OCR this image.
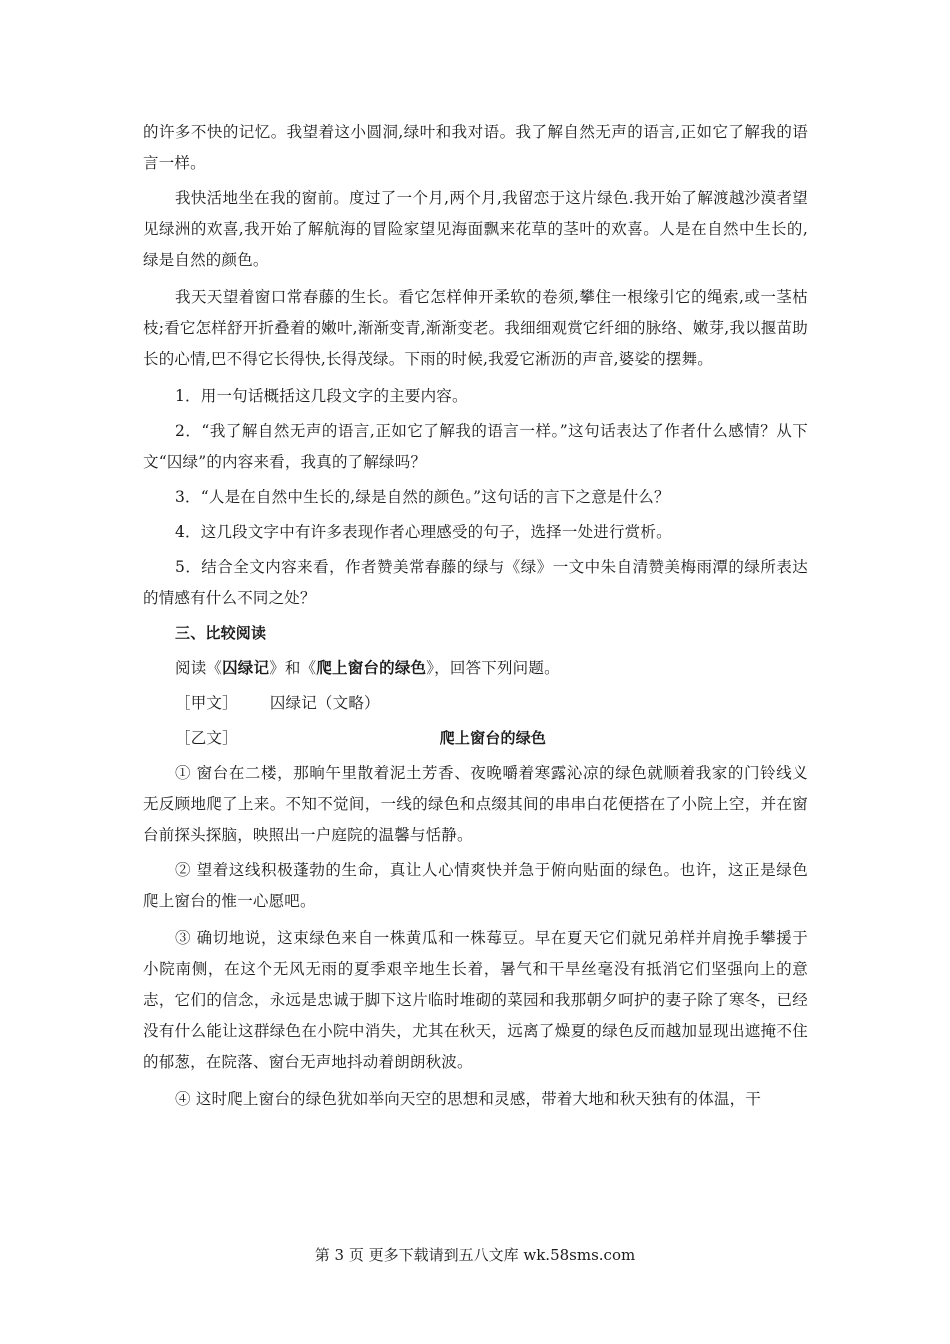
的许多不快的记忆。我望着这小圆洞,绿叶和我对语。我了解自然无声的语言,正如它了解我的语言一样。

我快活地坐在我的窗前。度过了一个月,两个月,我留恋于这片绿色.我开始了解渡越沙漠者望见绿洲的欢喜,我开始了解航海的冒险家望见海面飘来花草的茎叶的欢喜。人是在自然中生长的,绿是自然的颜色。

我天天望着窗口常春藤的生长。看它怎样伸开柔软的卷须,攀住一根缘引它的绳索,或一茎枯枝;看它怎样舒开折叠着的嫩叶,渐渐变青,渐渐变老。我细细观赏它纤细的脉络、嫩芽,我以揠苗助长的心情,巴不得它长得快,长得茂绿。下雨的时候,我爱它淅沥的声音,婆娑的摆舞。

1．用一句话概括这几段文字的主要内容。

2．“我了解自然无声的语言,正如它了解我的语言一样。”这句话表达了作者什么感情？从下文“囚绿”的内容来看，我真的了解绿吗？

3．“人是在自然中生长的,绿是自然的颜色。”这句话的言下之意是什么？

4．这几段文字中有许多表现作者心理感受的句子，选择一处进行赏析。

5．结合全文内容来看，作者赞美常春藤的绿与《绿》一文中朱自清赞美梅雨潭的绿所表达的情感有什么不同之处？

三、比较阅读

阅读《囚绿记》和《爬上窗台的绿色》，回答下列问题。

［甲文］ 囚绿记（文略）

［乙文］	爬上窗台的绿色

① 窗台在二楼，那晌午里散着泥土芳香、夜晚嚼着寒露沁凉的绿色就顺着我家的门铃线义无反顾地爬了上来。不知不觉间，一线的绿色和点缀其间的串串白花便搭在了小院上空，并在窗台前探头探脑，映照出一户庭院的温馨与恬静。

② 望着这线积极蓬勃的生命，真让人心情爽快并急于俯向贴面的绿色。也许，这正是绿色爬上窗台的惟一心愿吧。

③ 确切地说，这束绿色来自一株黄瓜和一株莓豆。早在夏天它们就兄弟样并肩挽手攀援于小院南侧，在这个无风无雨的夏季艰辛地生长着，暑气和干旱丝毫没有抵消它们坚强向上的意志，它们的信念，永远是忠诚于脚下这片临时堆砌的菜园和我那朝夕呵护的妻子除了寒冬，已经没有什么能让这群绿色在小院中消失，尤其在秋天，远离了燥夏的绿色反而越加显现出遮掩不住的郁葱，在院落、窗台无声地抖动着朗朗秋波。

④ 这时爬上窗台的绿色犹如举向天空的思想和灵感，带着大地和秋天独有的体温，干

第 3 页 更多下载请到五八文库 wk.58sms.com
